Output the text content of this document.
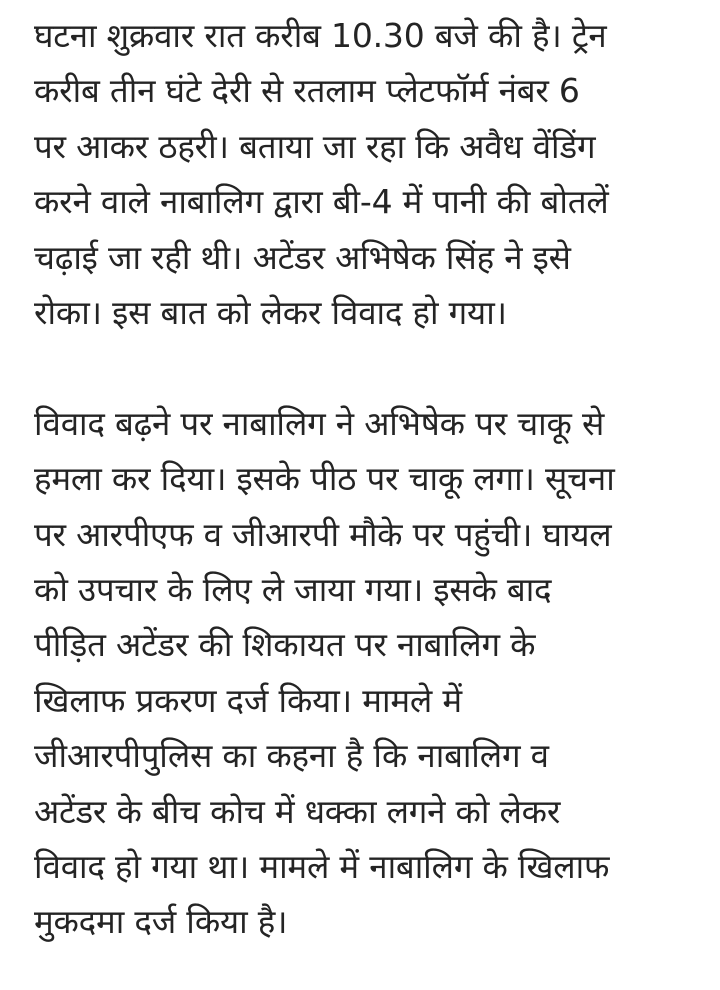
घटना शुक्रवार रात करीब 10.30 बजे की है। ट्रेन
करीब तीन घंटे देरी से रतलाम प्लेटफॉर्म नंबर 6
पर आकर ठहरी। बताया जा रहा कि अवैध वेंडिंग
करने वाले नाबालिग द्वारा बी-4 में पानी की बोतलें
चढ़ाई जा रही थी। अटेंडर अभिषेक सिंह ने इसे
रोका। इस बात को लेकर विवाद हो गया।

विवाद बढ़ने पर नाबालिग ने अभिषेक पर चाकू से
हमला कर दिया। इसके पीठ पर चाकू लगा। सूचना
पर आरपीएफ व जीआरपी मौके पर पहुंची। घायल
को उपचार के लिए ले जाया गया। इसके बाद
पीड़ित अटेंडर की शिकायत पर नाबालिग के
खिलाफ प्रकरण दर्ज किया। मामले में
जीआरपीपुलिस का कहना है कि नाबालिग व
अटेंडर के बीच कोच में धक्का लगने को लेकर
विवाद हो गया था। मामले में नाबालिग के खिलाफ
मुकदमा दर्ज किया है।
